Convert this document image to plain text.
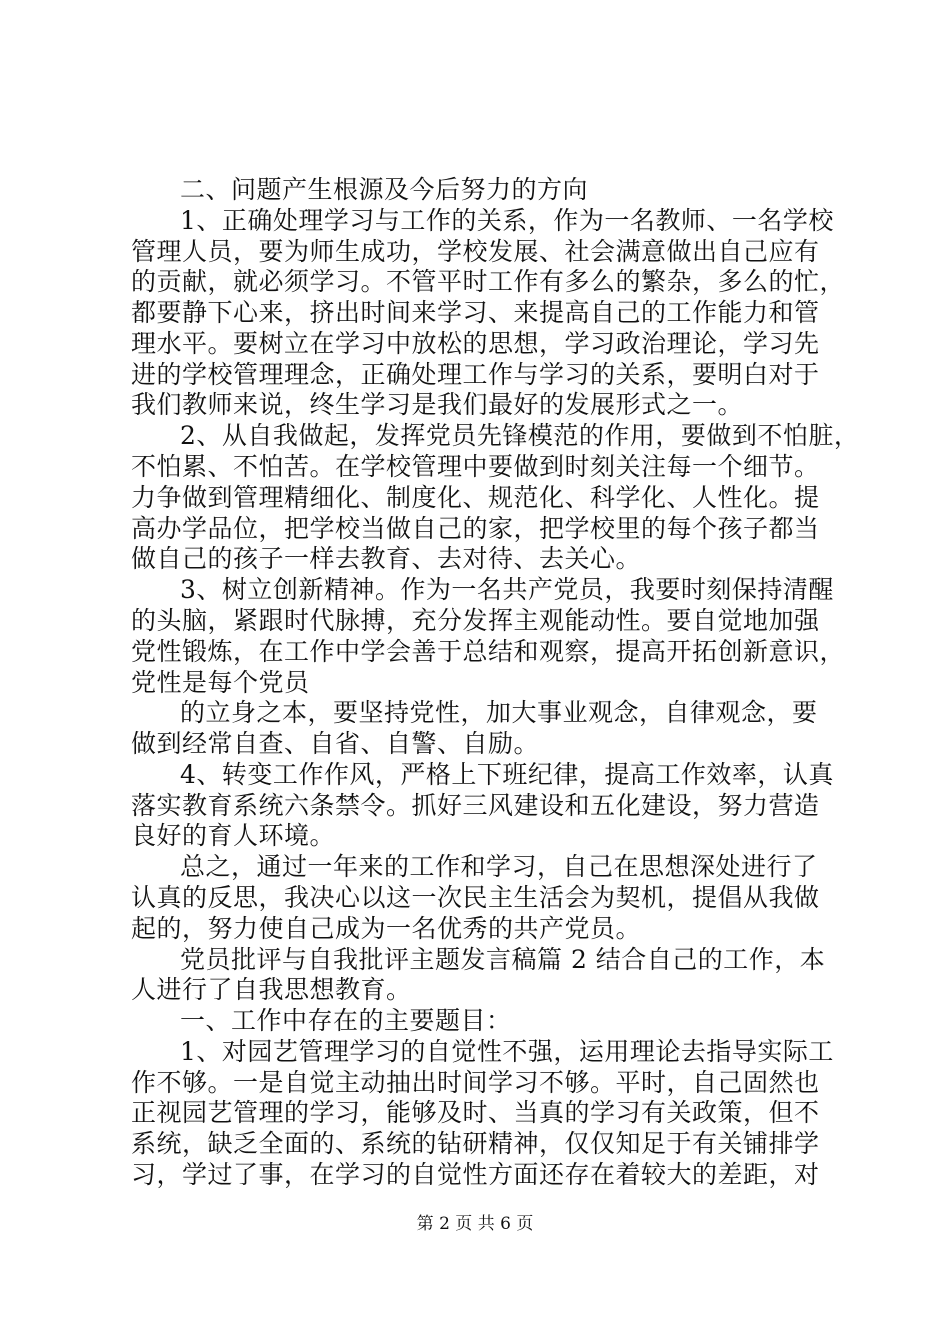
二、问题产生根源及今后努力的方向
1、正确处理学习与工作的关系，作为一名教师、一名学校
管理人员，要为师生成功，学校发展、社会满意做出自己应有
的贡献，就必须学习。不管平时工作有多么的繁杂，多么的忙，
都要静下心来，挤出时间来学习、来提高自己的工作能力和管
理水平。要树立在学习中放松的思想，学习政治理论，学习先
进的学校管理理念，正确处理工作与学习的关系，要明白对于
我们教师来说，终生学习是我们最好的发展形式之一。
2、从自我做起，发挥党员先锋模范的作用，要做到不怕脏，
不怕累、不怕苦。在学校管理中要做到时刻关注每一个细节。
力争做到管理精细化、制度化、规范化、科学化、人性化。提
高办学品位，把学校当做自己的家，把学校里的每个孩子都当
做自己的孩子一样去教育、去对待、去关心。
3、树立创新精神。作为一名共产党员，我要时刻保持清醒
的头脑，紧跟时代脉搏，充分发挥主观能动性。要自觉地加强
党性锻炼，在工作中学会善于总结和观察，提高开拓创新意识，
党性是每个党员
的立身之本，要坚持党性，加大事业观念，自律观念，要
做到经常自查、自省、自警、自励。
4、转变工作作风，严格上下班纪律，提高工作效率，认真
落实教育系统六条禁令。抓好三风建设和五化建设，努力营造
良好的育人环境。
总之，通过一年来的工作和学习，自己在思想深处进行了
认真的反思，我决心以这一次民主生活会为契机，提倡从我做
起的，努力使自己成为一名优秀的共产党员。
党员批评与自我批评主题发言稿篇 2 结合自己的工作，本
人进行了自我思想教育。
一、工作中存在的主要题目：
1、对园艺管理学习的自觉性不强，运用理论去指导实际工
作不够。一是自觉主动抽出时间学习不够。平时，自己固然也
正视园艺管理的学习，能够及时、当真的学习有关政策，但不
系统，缺乏全面的、系统的钻研精神，仅仅知足于有关铺排学
习，学过了事，在学习的自觉性方面还存在着较大的差距，对
第 2 页 共 6 页
